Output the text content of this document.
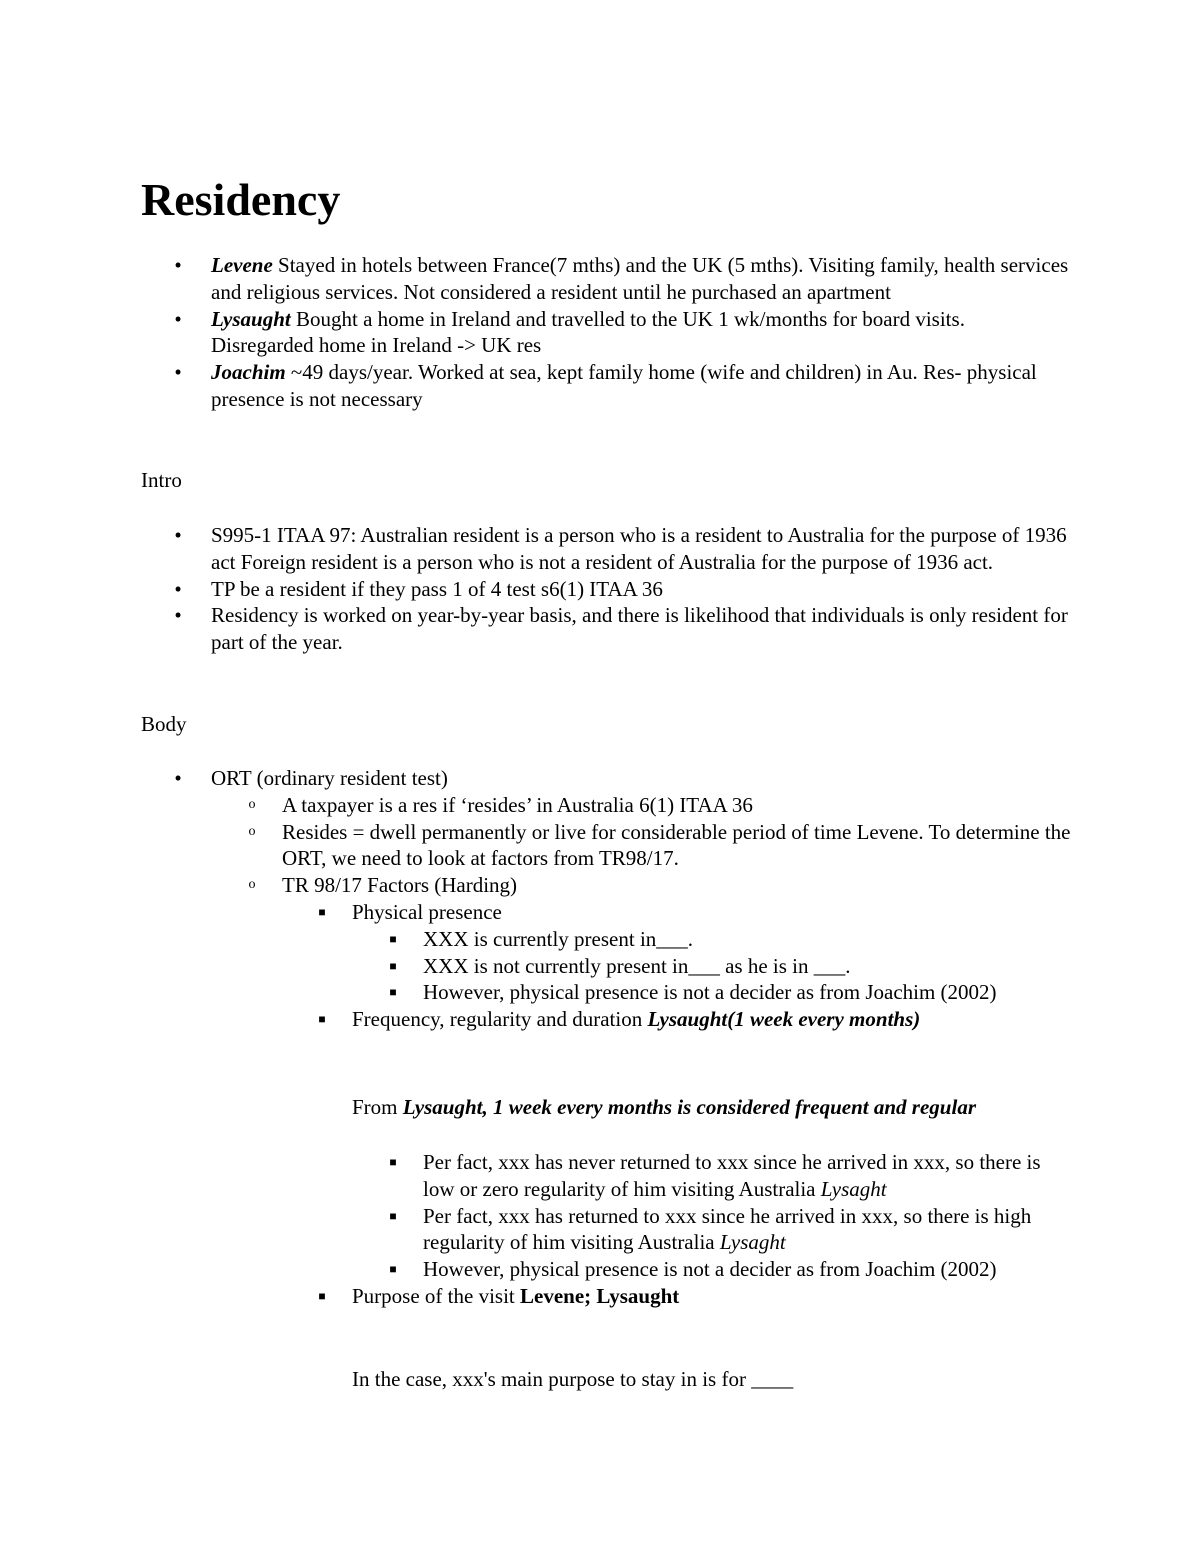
Residency
•	Levene Stayed in hotels between France(7 mths) and the UK (5 mths). Visiting family, health services and religious services. Not considered a resident until he purchased an apartment
•	Lysaught Bought a home in Ireland and travelled to the UK 1 wk/months for board visits. Disregarded home in Ireland -> UK res
•	Joachim ~49 days/year. Worked at sea, kept family home (wife and children) in Au. Res- physical presence is not necessary

Intro

•	S995-1 ITAA 97: Australian resident is a person who is a resident to Australia for the purpose of 1936 act Foreign resident is a person who is not a resident of Australia for the purpose of 1936 act.
•	TP be a resident if they pass 1 of 4 test s6(1) ITAA 36
•	Residency is worked on year-by-year basis, and there is likelihood that individuals is only resident for part of the year.

Body

•	ORT (ordinary resident test)
o	A taxpayer is a res if ‘resides’ in Australia 6(1) ITAA 36
o	Resides = dwell permanently or live for considerable period of time Levene. To determine the ORT, we need to look at factors from TR98/17.
o	TR 98/17 Factors (Harding)
■	Physical presence
■	XXX is currently present in___.
■	XXX is not currently present in___ as he is in ___.
■	However, physical presence is not a decider as from Joachim (2002)
■	Frequency, regularity and duration Lysaught(1 week every months)

From Lysaught, 1 week every months is considered frequent and regular

■	Per fact, xxx has never returned to xxx since he arrived in xxx, so there is low or zero regularity of him visiting Australia Lysaght
■	Per fact, xxx has returned to xxx since he arrived in xxx, so there is high regularity of him visiting Australia Lysaght
■	However, physical presence is not a decider as from Joachim (2002)
■	Purpose of the visit Levene; Lysaught

In the case, xxx's main purpose to stay in is for ____
